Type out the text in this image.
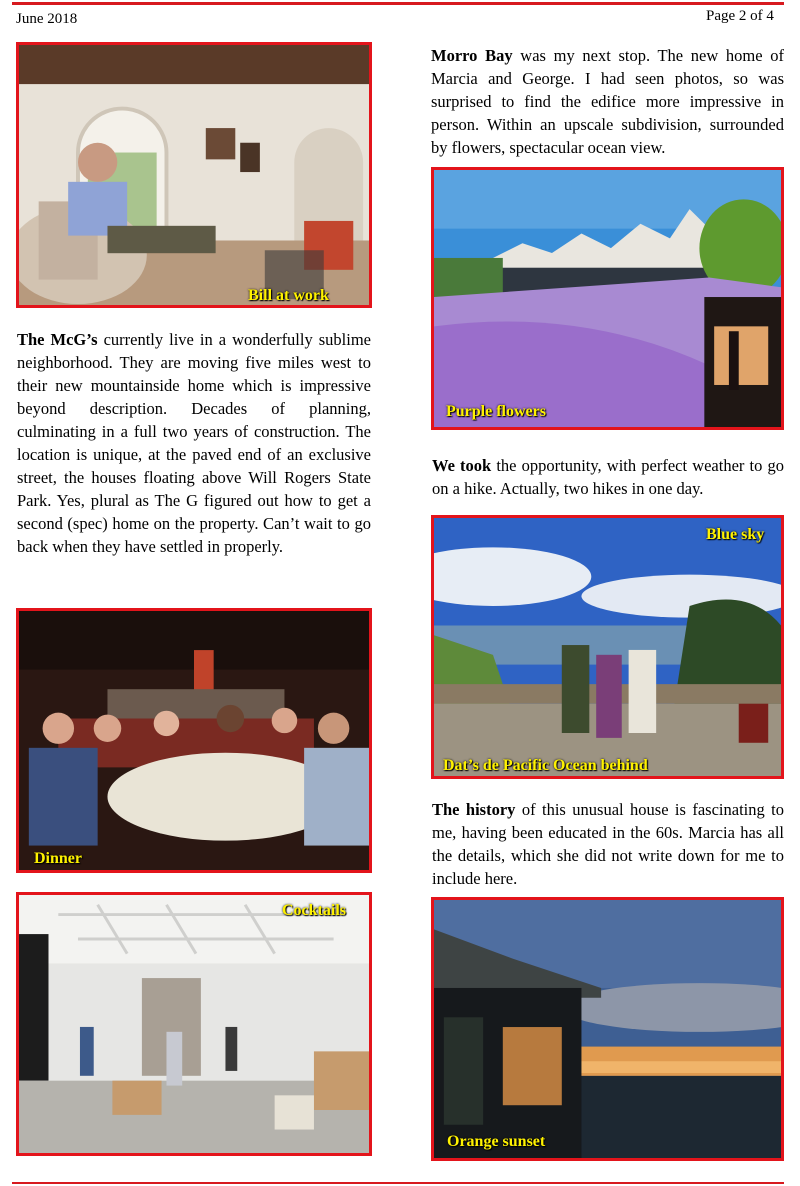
June 2018	Page 2 of 4
Bill at work

The McG’s currently live in a wonderfully sublime neighborhood. They are moving five miles west to their new mountainside home which is impressive beyond description. Decades of planning, culminating in a full two years of construction. The location is unique, at the paved end of an exclusive street, the houses floating above Will Rogers State Park. Yes, plural as The G figured out how to get a second (spec) home on the property. Can’t wait to go back when they have settled in properly.

Dinner
Cocktails

Morro Bay was my next stop. The new home of Marcia and George. I had seen photos, so was surprised to find the edifice more impressive in person. Within an upscale subdivision, surrounded by flowers, spectacular ocean view.

Purple flowers

We took the opportunity, with perfect weather to go on a hike. Actually, two hikes in one day.

Blue sky
Dat’s de Pacific Ocean behind

The history of this unusual house is fascinating to me, having been educated in the 60s. Marcia has all the details, which she did not write down for me to include here.

Orange sunset
